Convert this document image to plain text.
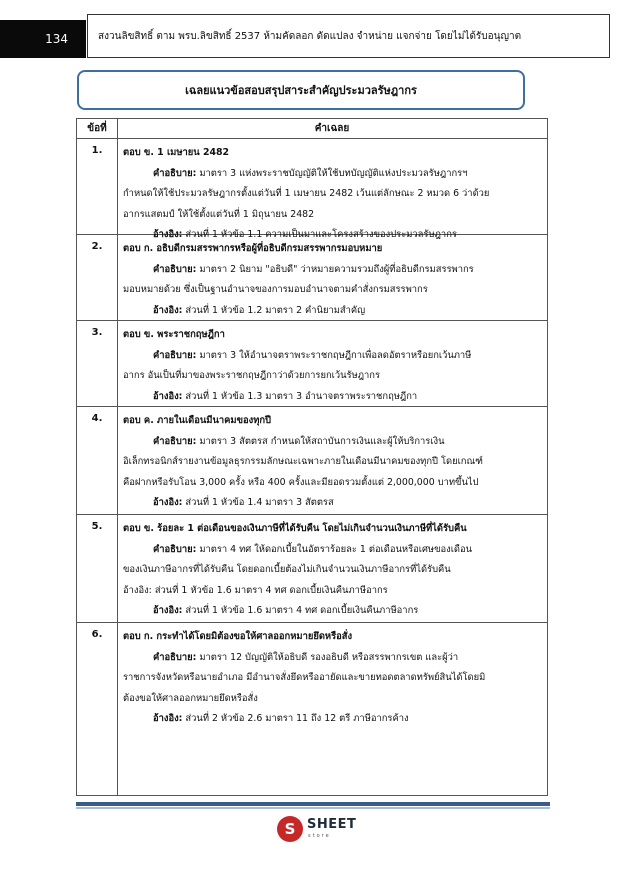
134	สงวนลิขสิทธิ์ ตาม พรบ.ลิขสิทธิ์ 2537 ห้ามคัดลอก ดัดแปลง จำหน่าย แจกจ่าย โดยไม่ได้รับอนุญาต
เฉลยแนวข้อสอบสรุปสาระสำคัญประมวลรัษฎากร
ข้อที่	คำเฉลย
1.	ตอบ ข. 1 เมษายน 2482
คำอธิบาย: มาตรา 3 แห่งพระราชบัญญัติให้ใช้บทบัญญัติแห่งประมวลรัษฎากรฯ
กำหนดให้ใช้ประมวลรัษฎากรตั้งแต่วันที่ 1 เมษายน 2482 เว้นแต่ลักษณะ 2 หมวด 6 ว่าด้วย
อากรแสตมป์ ให้ใช้ตั้งแต่วันที่ 1 มิถุนายน 2482
อ้างอิง: ส่วนที่ 1 หัวข้อ 1.1 ความเป็นมาและโครงสร้างของประมวลรัษฎากร
2.	ตอบ ก. อธิบดีกรมสรรพากรหรือผู้ที่อธิบดีกรมสรรพากรมอบหมาย
คำอธิบาย: มาตรา 2 นิยาม "อธิบดี" ว่าหมายความรวมถึงผู้ที่อธิบดีกรมสรรพากร
มอบหมายด้วย ซึ่งเป็นฐานอำนาจของการมอบอำนาจตามคำสั่งกรมสรรพากร
อ้างอิง: ส่วนที่ 1 หัวข้อ 1.2 มาตรา 2 คำนิยามสำคัญ
3.	ตอบ ข. พระราชกฤษฎีกา
คำอธิบาย: มาตรา 3 ให้อำนาจตราพระราชกฤษฎีกาเพื่อลดอัตราหรือยกเว้นภาษี
อากร อันเป็นที่มาของพระราชกฤษฎีกาว่าด้วยการยกเว้นรัษฎากร
อ้างอิง: ส่วนที่ 1 หัวข้อ 1.3 มาตรา 3 อำนาจตราพระราชกฤษฎีกา
4.	ตอบ ค. ภายในเดือนมีนาคมของทุกปี
คำอธิบาย: มาตรา 3 สัตตรส กำหนดให้สถาบันการเงินและผู้ให้บริการเงิน
อิเล็กทรอนิกส์รายงานข้อมูลธุรกรรมลักษณะเฉพาะภายในเดือนมีนาคมของทุกปี โดยเกณฑ์
คือฝากหรือรับโอน 3,000 ครั้ง หรือ 400 ครั้งและมียอดรวมตั้งแต่ 2,000,000 บาทขึ้นไป
อ้างอิง: ส่วนที่ 1 หัวข้อ 1.4 มาตรา 3 สัตตรส
5.	ตอบ ข. ร้อยละ 1 ต่อเดือนของเงินภาษีที่ได้รับคืน โดยไม่เกินจำนวนเงินภาษีที่ได้รับคืน
คำอธิบาย: มาตรา 4 ทศ ให้ดอกเบี้ยในอัตราร้อยละ 1 ต่อเดือนหรือเศษของเดือน
ของเงินภาษีอากรที่ได้รับคืน โดยดอกเบี้ยต้องไม่เกินจำนวนเงินภาษีอากรที่ได้รับคืน
อ้างอิง: ส่วนที่ 1 หัวข้อ 1.6 มาตรา 4 ทศ ดอกเบี้ยเงินคืนภาษีอากร
อ้างอิง: ส่วนที่ 1 หัวข้อ 1.6 มาตรา 4 ทศ ดอกเบี้ยเงินคืนภาษีอากร
6.	ตอบ ก. กระทำได้โดยมิต้องขอให้ศาลออกหมายยึดหรือสั่ง
คำอธิบาย: มาตรา 12 บัญญัติให้อธิบดี รองอธิบดี หรือสรรพากรเขต และผู้ว่า
ราชการจังหวัดหรือนายอำเภอ มีอำนาจสั่งยึดหรืออายัดและขายทอดตลาดทรัพย์สินได้โดยมิ
ต้องขอให้ศาลออกหมายยึดหรือสั่ง
อ้างอิง: ส่วนที่ 2 หัวข้อ 2.6 มาตรา 11 ถึง 12 ตรี ภาษีอากรค้าง
S SHEET
store
